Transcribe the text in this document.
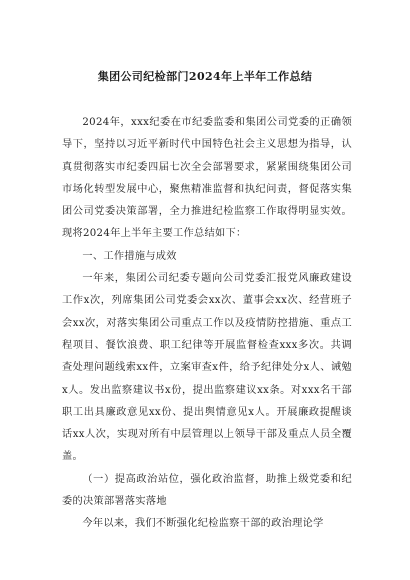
集团公司纪检部门2024年上半年工作总结

2024年，xxx纪委在市纪委监委和集团公司党委的正确领导下，坚持以习近平新时代中国特色社会主义思想为指导，认真贯彻落实市纪委四届七次全会部署要求，紧紧围绕集团公司市场化转型发展中心，聚焦精准监督和执纪问责，督促落实集团公司党委决策部署，全力推进纪检监察工作取得明显实效。现将2024年上半年主要工作总结如下：

一、工作措施与成效

一年来，集团公司纪委专题向公司党委汇报党风廉政建设工作x次，列席集团公司党委会xx次、董事会xx次、经营班子会xx次，对落实集团公司重点工作以及疫情防控措施、重点工程项目、餐饮浪费、职工纪律等开展监督检查xxx多次。共调查处理问题线索xx件，立案审查x件，给予纪律处分x人、诫勉x人。发出监察建议书x份，提出监察建议xx条。对xxx名干部职工出具廉政意见xx份、提出舆情意见x人。开展廉政提醒谈话xx人次，实现对所有中层管理以上领导干部及重点人员全覆盖。

（一）提高政治站位，强化政治监督，助推上级党委和纪委的决策部署落实落地

今年以来，我们不断强化纪检监察干部的政治理论学
